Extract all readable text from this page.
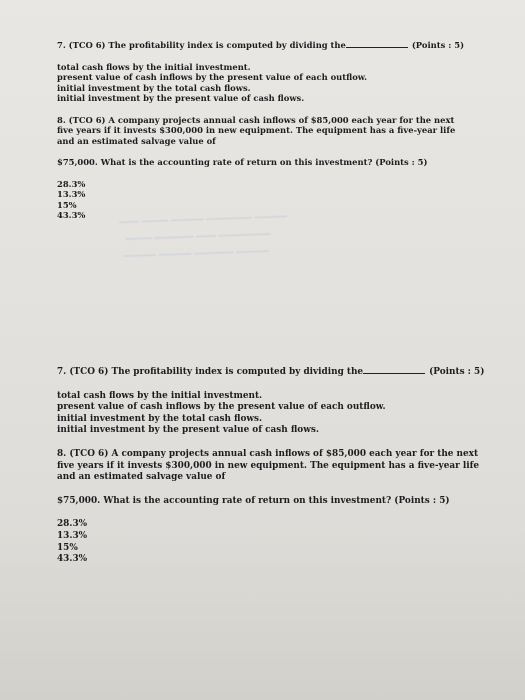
▁▁▁ ▁▁▁▁ ▁▁▁▁▁ ▁▁▁▁▁▁▁ ▁▁▁▁▁
▁▁▁▁ ▁▁▁▁▁▁ ▁▁▁ ▁▁▁▁▁▁▁▁
▁▁▁▁▁ ▁▁▁▁▁ ▁▁▁▁▁▁ ▁▁▁▁▁
7. (TCO 6) The profitability index is computed by dividing the	(Points : 5)
total cash flows by the initial investment.
present value of cash inflows by the present value of each outflow.
initial investment by the total cash flows.
initial investment by the present value of cash flows.
8. (TCO 6) A company projects annual cash inflows of $85,000 each year for the next
five years if it invests $300,000 in new equipment. The equipment has a five-year life
and an estimated salvage value of
$75,000. What is the accounting rate of return on this investment? (Points : 5)
28.3%
13.3%
15%
43.3%
7. (TCO 6) The profitability index is computed by dividing the	(Points : 5)
total cash flows by the initial investment.
present value of cash inflows by the present value of each outflow.
initial investment by the total cash flows.
initial investment by the present value of cash flows.
8. (TCO 6) A company projects annual cash inflows of $85,000 each year for the next
five years if it invests $300,000 in new equipment. The equipment has a five-year life
and an estimated salvage value of
$75,000. What is the accounting rate of return on this investment? (Points : 5)
28.3%
13.3%
15%
43.3%
